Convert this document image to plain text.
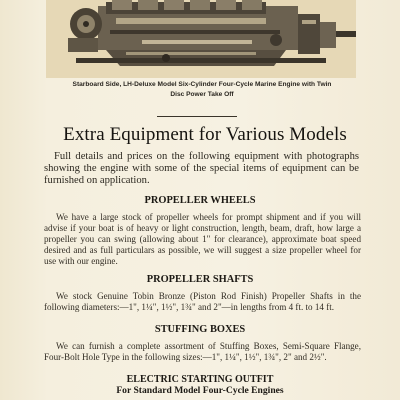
Starboard Side, LH-Deluxe Model Six-Cylinder Four-Cycle Marine Engine with Twin
Disc Power Take Off
Extra Equipment for Various Models

Full details and prices on the following equipment with photographs showing the engine with some of the special items of equipment can be furnished on application.

PROPELLER WHEELS

We have a large stock of propeller wheels for prompt shipment and if you will advise if your boat is of heavy or light construction, length, beam, draft, how large a propeller you can swing (allowing about 1" for clearance), approximate boat speed desired and as full particulars as possible, we will suggest a size propeller wheel for use with our engine.

PROPELLER SHAFTS

We stock Genuine Tobin Bronze (Piston Rod Finish) Propeller Shafts in the following diameters:—1", 1¼", 1½", 1¾" and 2"—in lengths from 4 ft. to 14 ft.

STUFFING BOXES

We can furnish a complete assortment of Stuffing Boxes, Semi-Square Flange, Four-Bolt Hole Type in the following sizes:—1", 1¼", 1½", 1¾", 2" and 2½".

ELECTRIC STARTING OUTFIT
For Standard Model Four-Cycle Engines
